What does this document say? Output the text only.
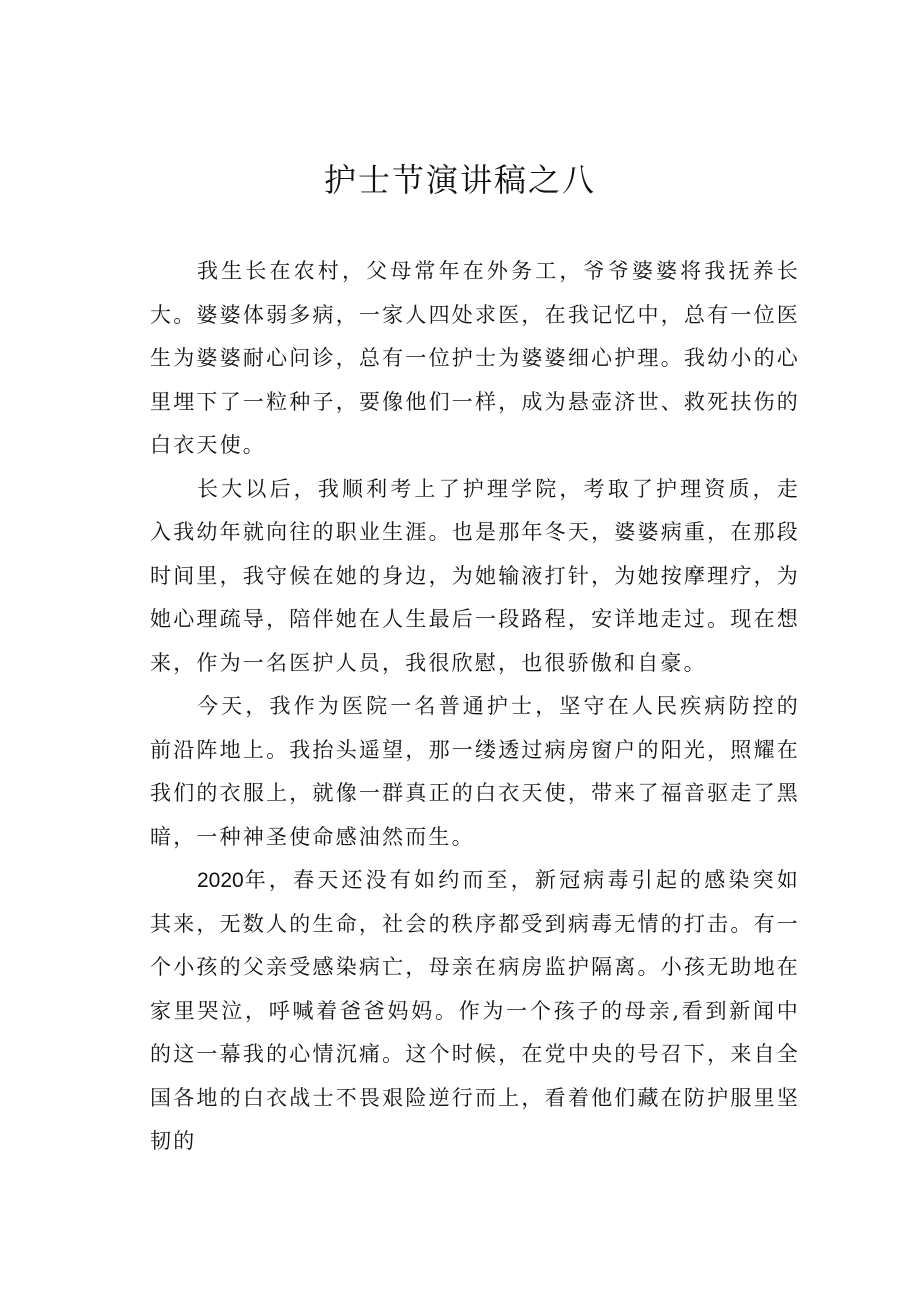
护士节演讲稿之八

我生长在农村，父母常年在外务工，爷爷婆婆将我抚养长大。婆婆体弱多病，一家人四处求医，在我记忆中，总有一位医生为婆婆耐心问诊，总有一位护士为婆婆细心护理。我幼小的心里埋下了一粒种子，要像他们一样，成为悬壶济世、救死扶伤的白衣天使。

长大以后，我顺利考上了护理学院，考取了护理资质，走入我幼年就向往的职业生涯。也是那年冬天，婆婆病重，在那段时间里，我守候在她的身边，为她输液打针，为她按摩理疗，为她心理疏导，陪伴她在人生最后一段路程，安详地走过。现在想来，作为一名医护人员，我很欣慰，也很骄傲和自豪。

今天，我作为医院一名普通护士，坚守在人民疾病防控的前沿阵地上。我抬头遥望，那一缕透过病房窗户的阳光，照耀在我们的衣服上，就像一群真正的白衣天使，带来了福音驱走了黑暗，一种神圣使命感油然而生。

2020年，春天还没有如约而至，新冠病毒引起的感染突如其来，无数人的生命，社会的秩序都受到病毒无情的打击。有一个小孩的父亲受感染病亡，母亲在病房监护隔离。小孩无助地在家里哭泣，呼喊着爸爸妈妈。作为一个孩子的母亲,看到新闻中的这一幕我的心情沉痛。这个时候，在党中央的号召下，来自全国各地的白衣战士不畏艰险逆行而上，看着他们藏在防护服里坚韧的
